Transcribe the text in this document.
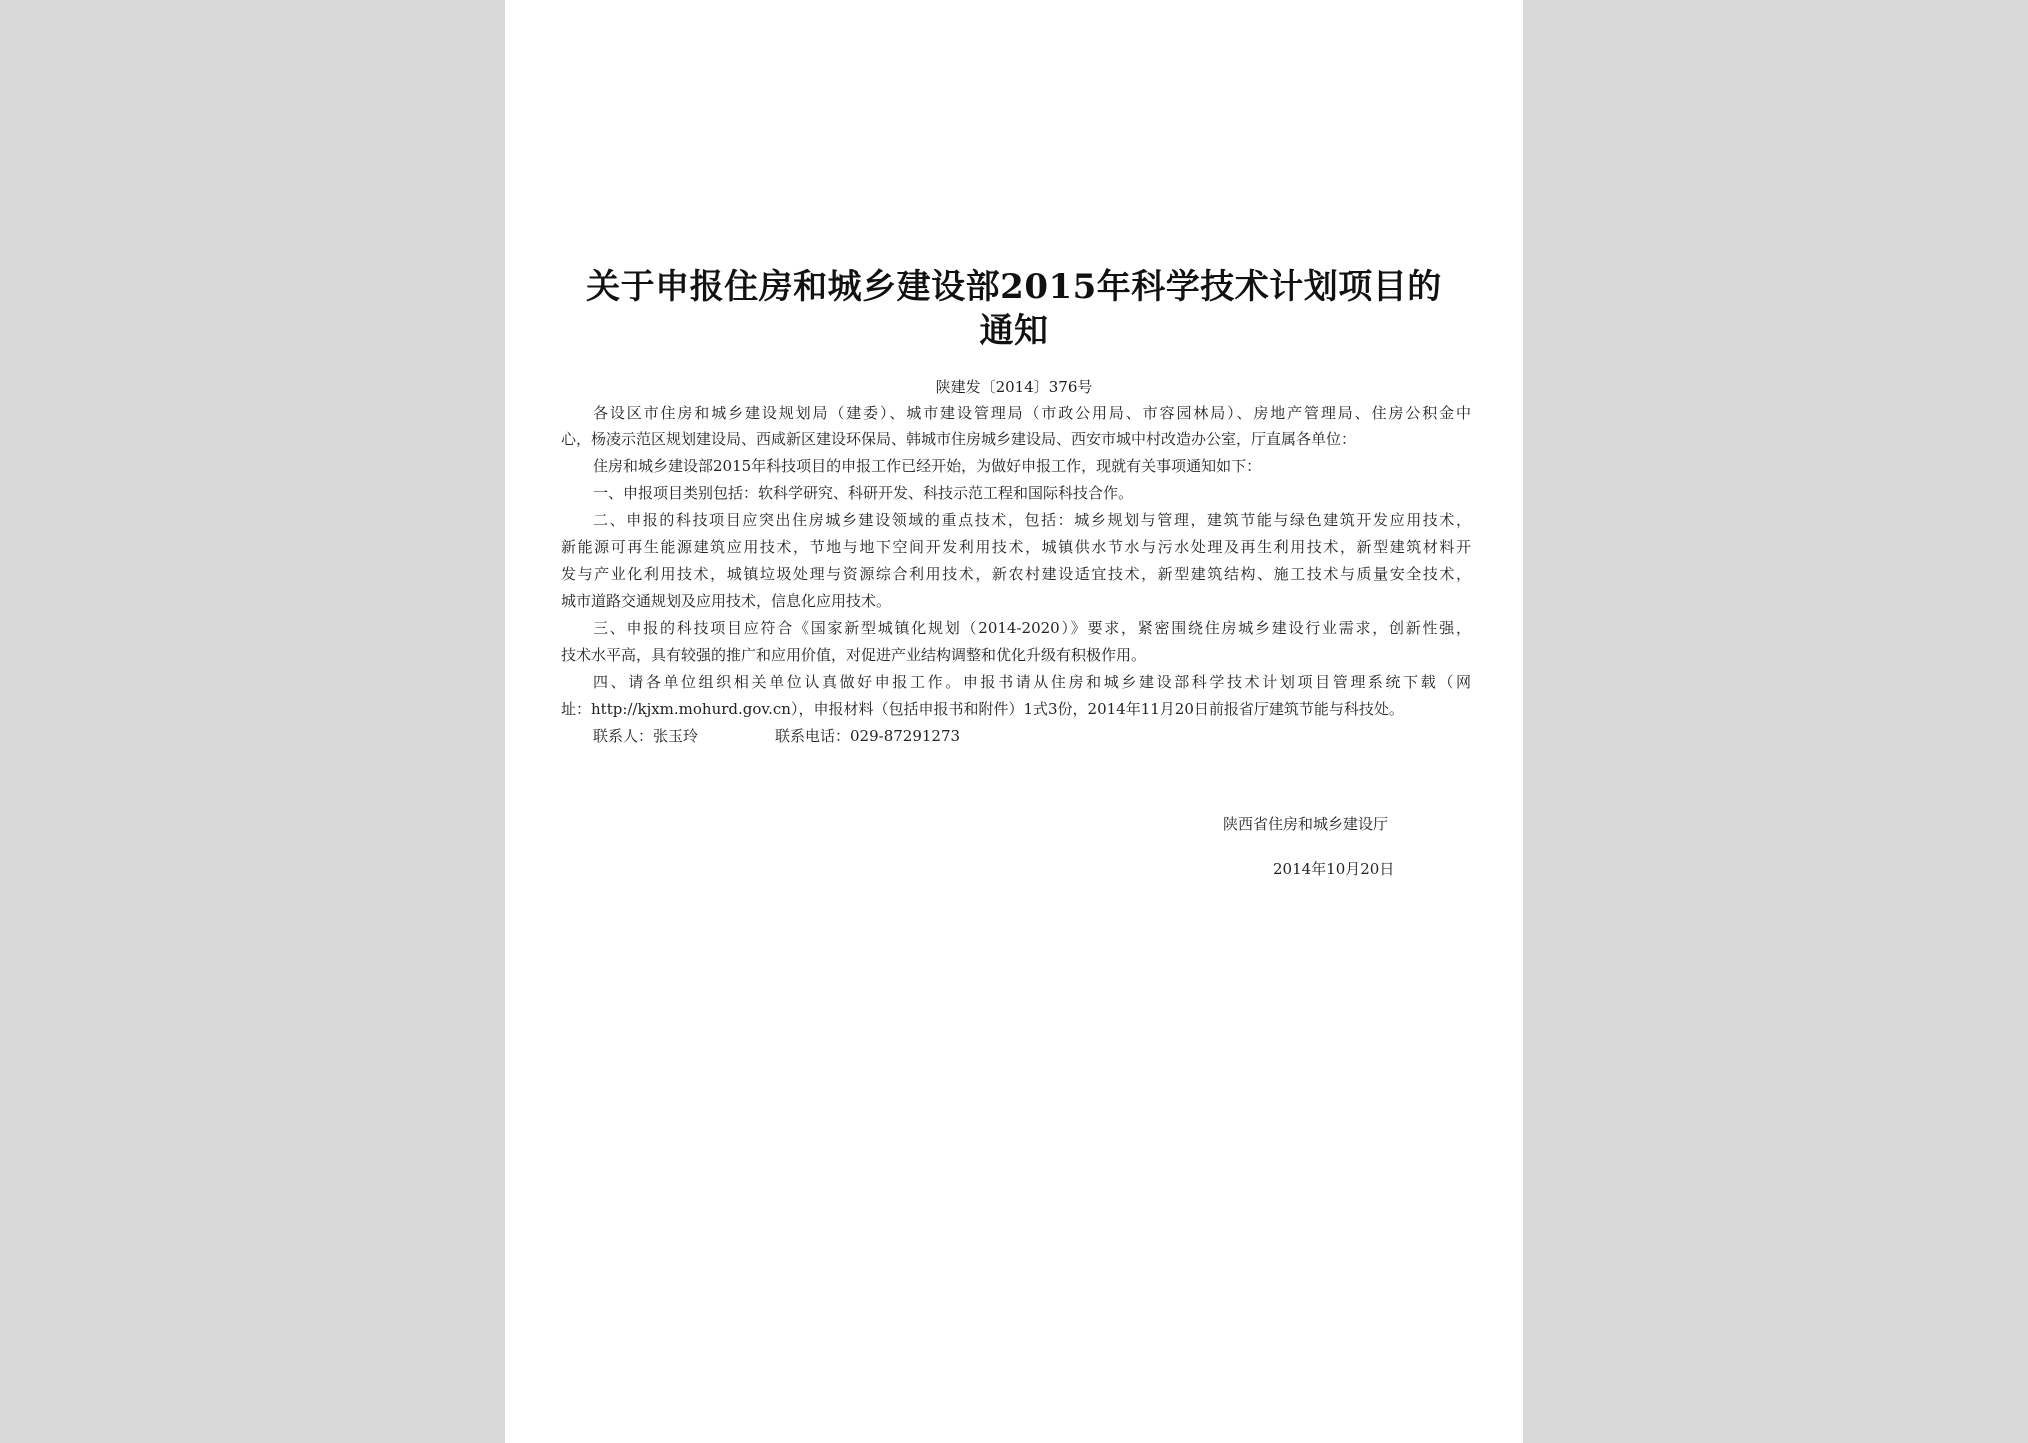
关于申报住房和城乡建设部2015年科学技术计划项目的
通知
陕建发〔2014〕376号
各设区市住房和城乡建设规划局（建委）、城市建设管理局（市政公用局、市容园林局）、房地产管理局、住房公积金中
心，杨凌示范区规划建设局、西咸新区建设环保局、韩城市住房城乡建设局、西安市城中村改造办公室，厅直属各单位：
住房和城乡建设部2015年科技项目的申报工作已经开始，为做好申报工作，现就有关事项通知如下：
一、申报项目类别包括：软科学研究、科研开发、科技示范工程和国际科技合作。
二、申报的科技项目应突出住房城乡建设领域的重点技术，包括：城乡规划与管理，建筑节能与绿色建筑开发应用技术，
新能源可再生能源建筑应用技术，节地与地下空间开发利用技术，城镇供水节水与污水处理及再生利用技术，新型建筑材料开
发与产业化利用技术，城镇垃圾处理与资源综合利用技术，新农村建设适宜技术，新型建筑结构、施工技术与质量安全技术，
城市道路交通规划及应用技术，信息化应用技术。
三、申报的科技项目应符合《国家新型城镇化规划（2014-2020）》要求，紧密围绕住房城乡建设行业需求，创新性强，
技术水平高，具有较强的推广和应用价值，对促进产业结构调整和优化升级有积极作用。
四、请各单位组织相关单位认真做好申报工作。申报书请从住房和城乡建设部科学技术计划项目管理系统下载（网
址：http://kjxm.mohurd.gov.cn），申报材料（包括申报书和附件）1式3份，2014年11月20日前报省厅建筑节能与科技处。
联系人：张玉玲	联系电话：029-87291273
陕西省住房和城乡建设厅
2014年10月20日
